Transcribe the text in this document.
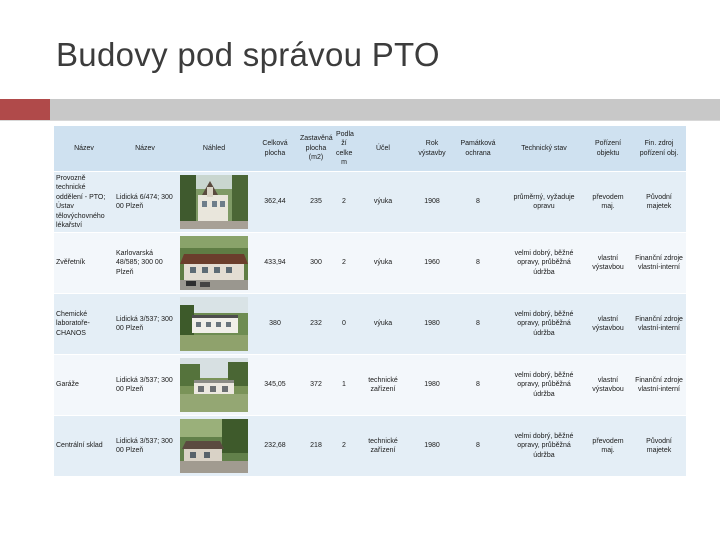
Budovy pod správou PTO
Název	Název	Náhled	Celková plocha	Zastavěná plocha (m2)	Podla ží celke m	Účel	Rok výstavby	Památková ochrana	Technický stav	Pořízení objektu	Fin. zdroj pořízení obj.
Provozně technické oddělení - PTO; Ústav tělovýchovného lékařství	Lidická 6/474; 300 00 Plzeň		362,44	235	2	výuka	1908	8	průměrný, vyžaduje opravu	převodem maj.	Původní majetek
Zvěřetník	Karlovarská 48/585; 300 00 Plzeň		433,94	300	2	výuka	1960	8	velmi dobrý, běžné opravy, průběžná údržba	vlastní výstavbou	Finanční zdroje vlastní-interní
Chemické laboratoře-CHANOS	Lidická 3/537; 300 00 Plzeň		380	232	0	výuka	1980	8	velmi dobrý, běžné opravy, průběžná údržba	vlastní výstavbou	Finanční zdroje vlastní-interní
Garáže	Lidická 3/537; 300 00 Plzeň		345,05	372	1	technické zařízení	1980	8	velmi dobrý, běžné opravy, průběžná údržba	vlastní výstavbou	Finanční zdroje vlastní-interní
Centrální sklad	Lidická 3/537; 300 00 Plzeň		232,68	218	2	technické zařízení	1980	8	velmi dobrý, běžné opravy, průběžná údržba	převodem maj.	Původní majetek
